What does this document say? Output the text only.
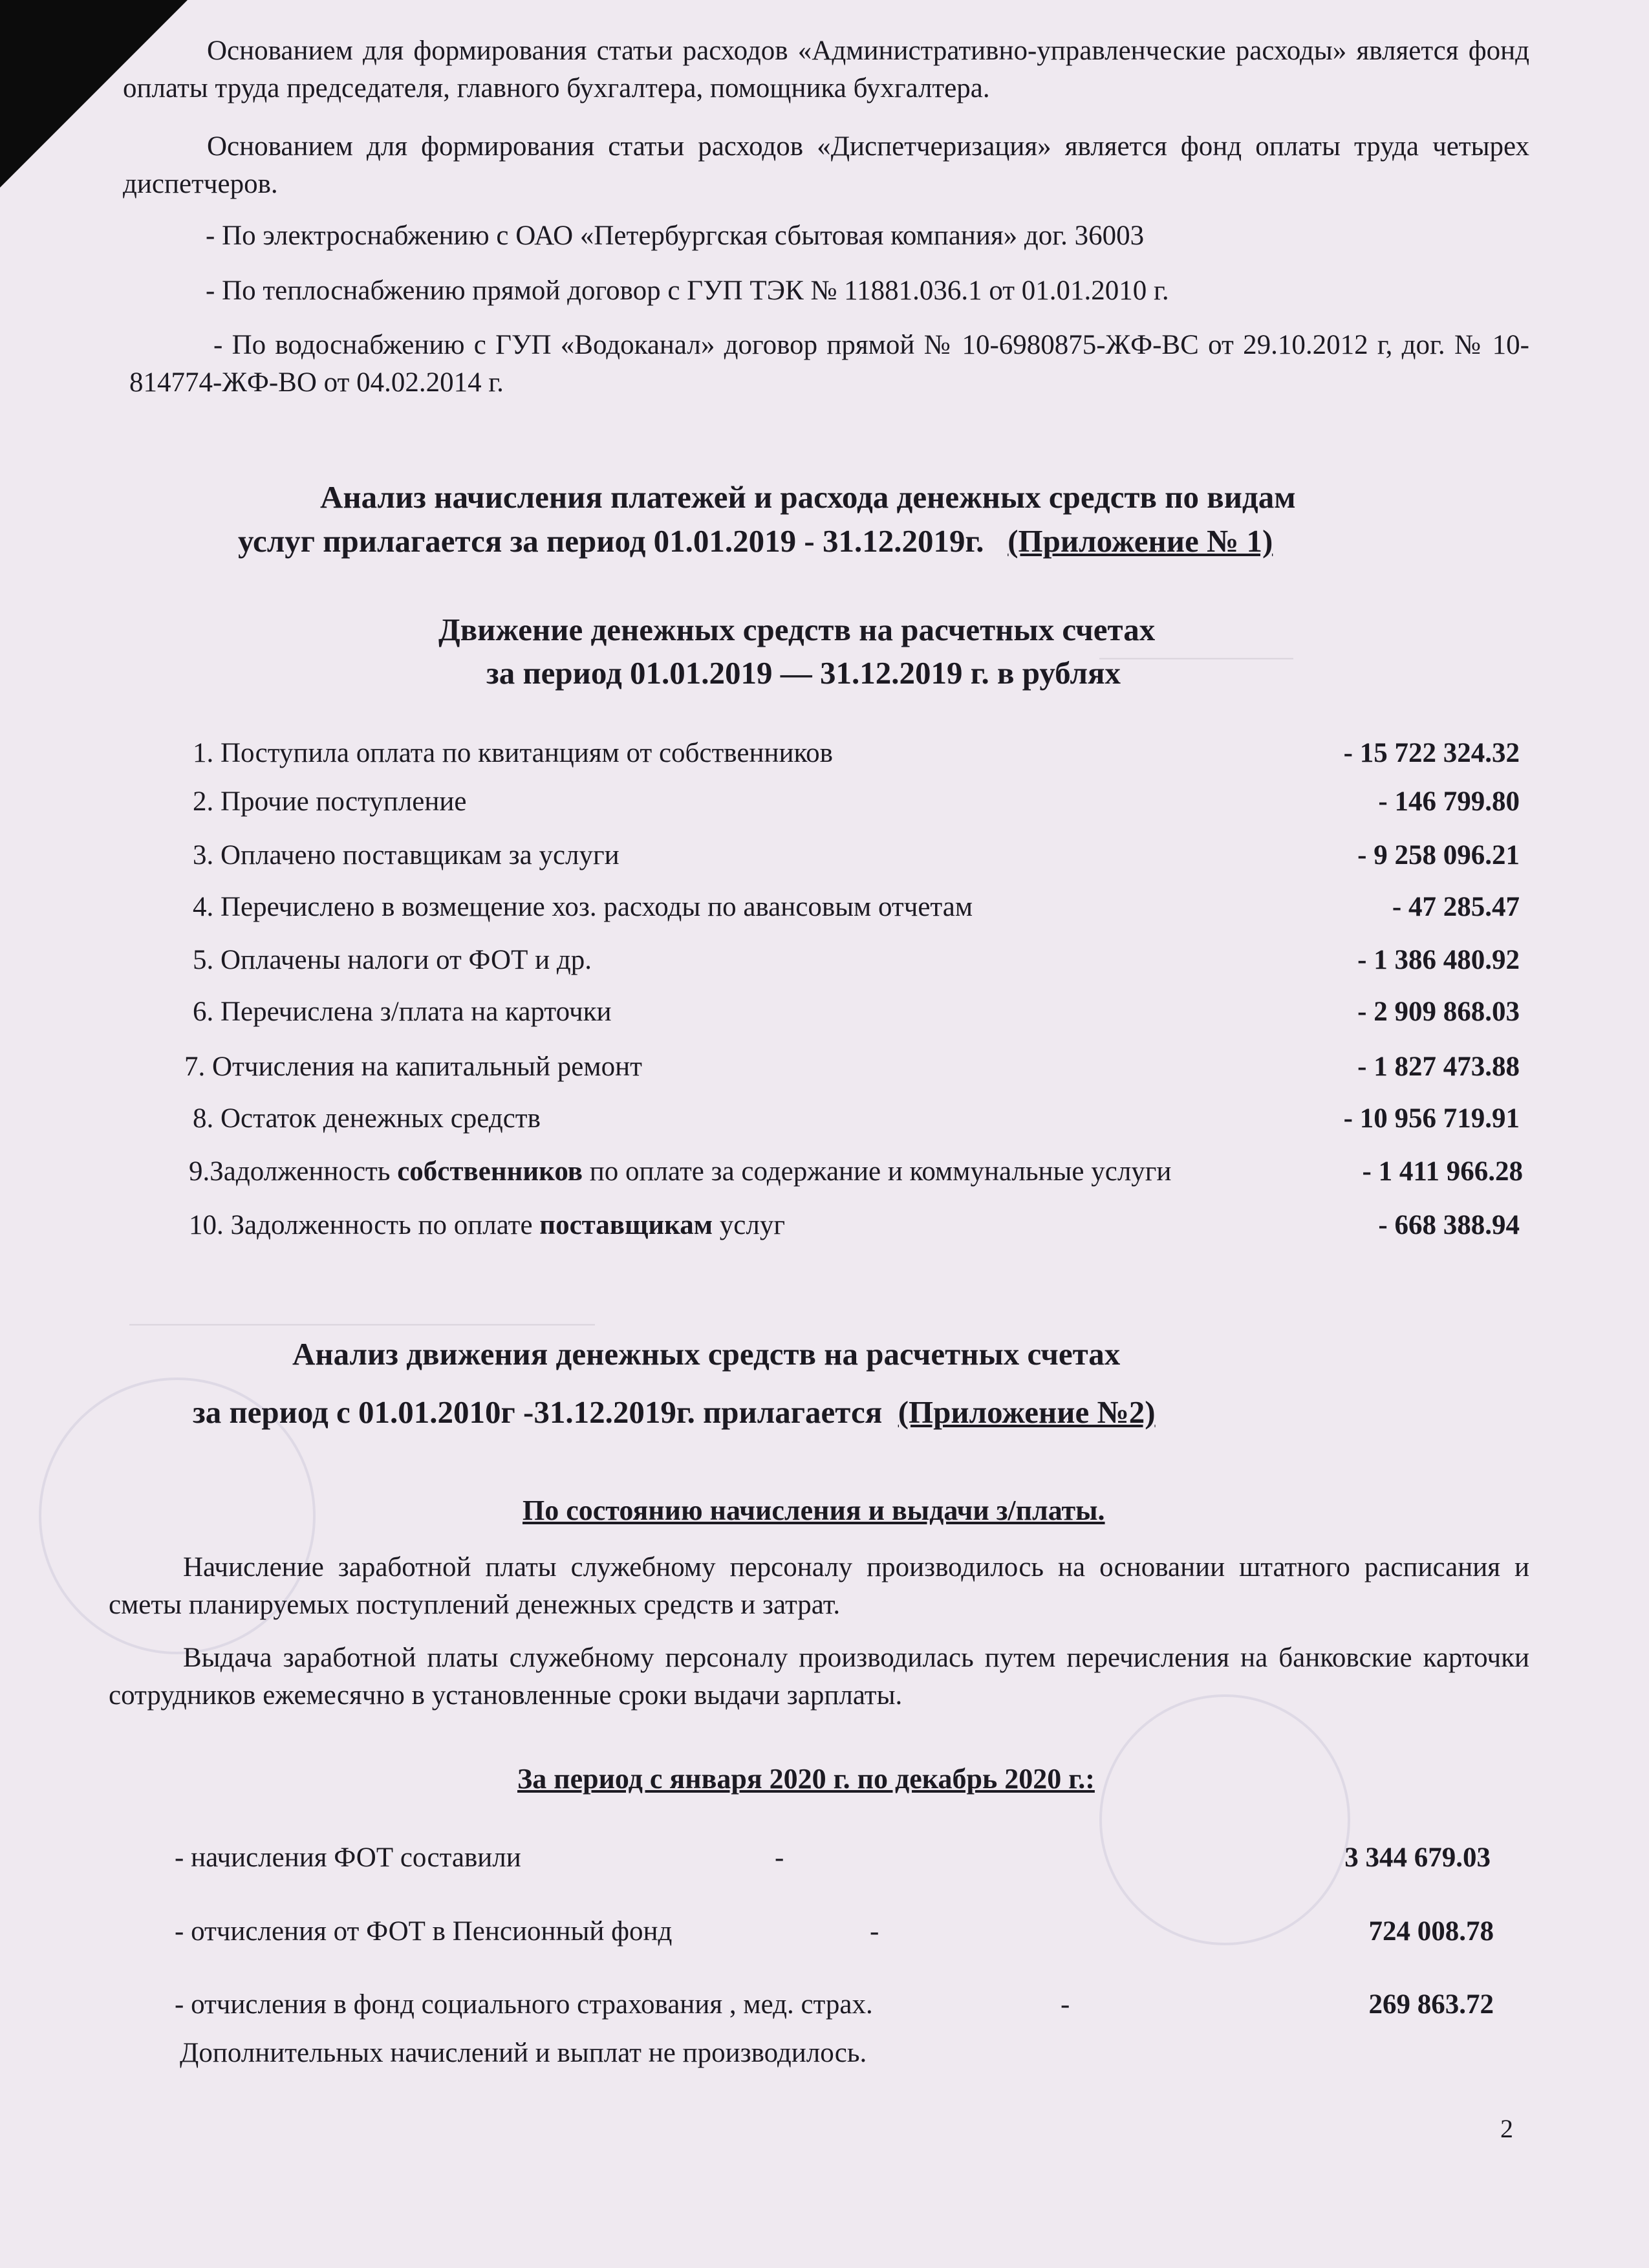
——————————
————————————————————————

Основанием для формирования статьи расходов «Административно-управленческие расходы» является фонд оплаты труда председателя, главного бухгалтера, помощника бухгалтера.

Основанием для формирования статьи расходов «Диспетчеризация» является фонд оплаты труда четырех диспетчеров.

- По электроснабжению с ОАО «Петербургская сбытовая компания» дог. 36003

- По теплоснабжению прямой договор с ГУП ТЭК № 11881.036.1 от 01.01.2010 г.

- По водоснабжению с ГУП «Водоканал» договор прямой № 10-6980875-ЖФ-ВС от 29.10.2012 г, дог. № 10-814774-ЖФ-ВО от 04.02.2014 г.

Анализ начисления платежей и расхода денежных средств по видам
услуг прилагается за период 01.01.2019 - 31.12.2019г. (Приложение № 1)
Движение денежных средств на расчетных счетах
за период 01.01.2019 — 31.12.2019 г. в рублях
1. Поступила оплата по квитанциям от собственников	- 15 722 324.32
2. Прочие поступление	- 146 799.80
3. Оплачено поставщикам за услуги	- 9 258 096.21
4. Перечислено в возмещение хоз. расходы по авансовым отчетам	- 47 285.47
5. Оплачены налоги от ФОТ и др.	- 1 386 480.92
6. Перечислена з/плата на карточки	- 2 909 868.03
7. Отчисления на капитальный ремонт	- 1 827 473.88
8. Остаток денежных средств	- 10 956 719.91
9.Задолженность собственников по оплате за содержание и коммунальные услуги	- 1 411 966.28
10. Задолженность по оплате поставщикам услуг	- 668 388.94
Анализ движения денежных средств на расчетных счетах
за период с 01.01.2010г -31.12.2019г. прилагается (Приложение №2)
По состоянию начисления и выдачи з/платы.

Начисление заработной платы служебному персоналу производилось на основании штатного расписания и сметы планируемых поступлений денежных средств и затрат.

Выдача заработной платы служебному персоналу производилась путем перечисления на банковские карточки сотрудников ежемесячно в установленные сроки выдачи зарплаты.

За период с января 2020 г. по декабрь 2020 г.:
- начисления ФОТ составили	-	3 344 679.03
- отчисления от ФОТ в Пенсионный фонд	-	724 008.78
- отчисления в фонд социального страхования , мед. страх.	-	269 863.72

Дополнительных начислений и выплат не производилось.

2
